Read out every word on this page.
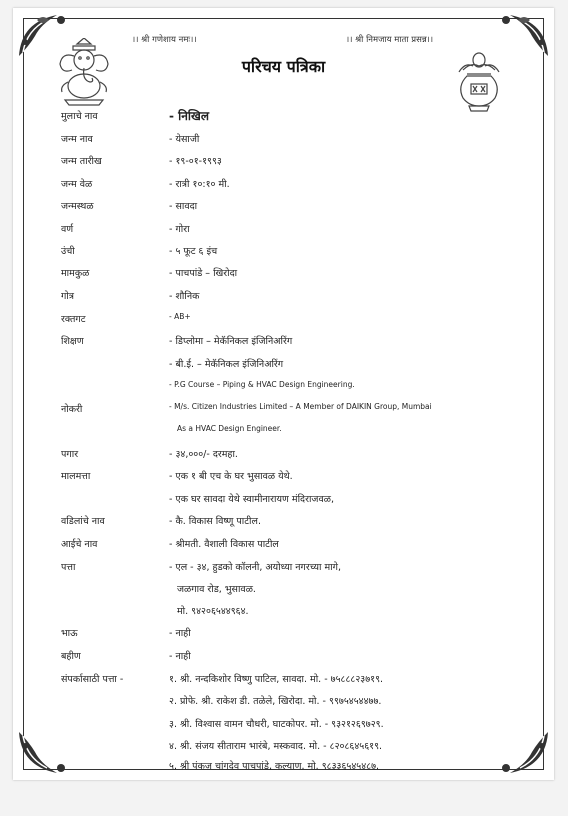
।। श्री गणेशाय नमः।।	।। श्री निमजाय माता प्रसन्न।।
परिचय पत्रिका
मुलाचे नाव	- निखिल
जन्म नाव	- येसाजी
जन्म तारीख	- १९-०१-१९९३
जन्म वेळ	- रात्री १०:१० मी.
जन्मस्थळ	- सावदा
वर्ण	- गोरा
उंची	- ५ फूट ६ इंच
मामकुळ	- पाचपांडे – खिरोदा
गोत्र	- शौनिक
रक्तगट	- AB+
शिक्षण	- डिप्लोमा – मेकॅनिकल इंजिनिअरिंग
- बी.ई. – मेकॅनिकल इंजिनिअरिंग
- P.G Course – Piping & HVAC Design Engineering.
नोकरी	- M/s. Citizen Industries Limited – A Member of DAIKIN Group, Mumbai
As a HVAC Design Engineer.
पगार	- ३४,०००/- दरमहा.
मालमत्ता	- एक १ बी एच के घर भुसावळ येथे.
- एक घर सावदा येथे स्वामीनारायण मंदिराजवळ,
वडिलांचे नाव	- कै. विकास विष्णू पाटील.
आईचे नाव	- श्रीमती. वैशाली विकास पाटील
पत्ता	- एल - ३४, हुडको कॉलनी, अयोध्या नगरच्या मागे,
जळगाव रोड, भुसावळ.
मो. ९४२०६५४४९६४.
भाऊ	- नाही
बहीण	- नाही
संपर्कासाठी पत्ता -	१. श्री. नन्दकिशोर विष्णु पाटिल, सावदा. मो. - ७५८८८२३७१९.
२. प्रोफे. श्री. राकेश डी. तळेले, खिरोदा. मो. - ९९७५४५४४७७.
३. श्री. विश्वास वामन चौधरी, घाटकोपर. मो. - ९३२१२६९७२९.
४. श्री. संजय सीताराम भारंबे, मस्कवाद. मो. - ८२०८६४५६१९.
५. श्री पंकज चांगदेव पाचपांडे, कल्याण. मो. ९८३३६५४५४८७.
